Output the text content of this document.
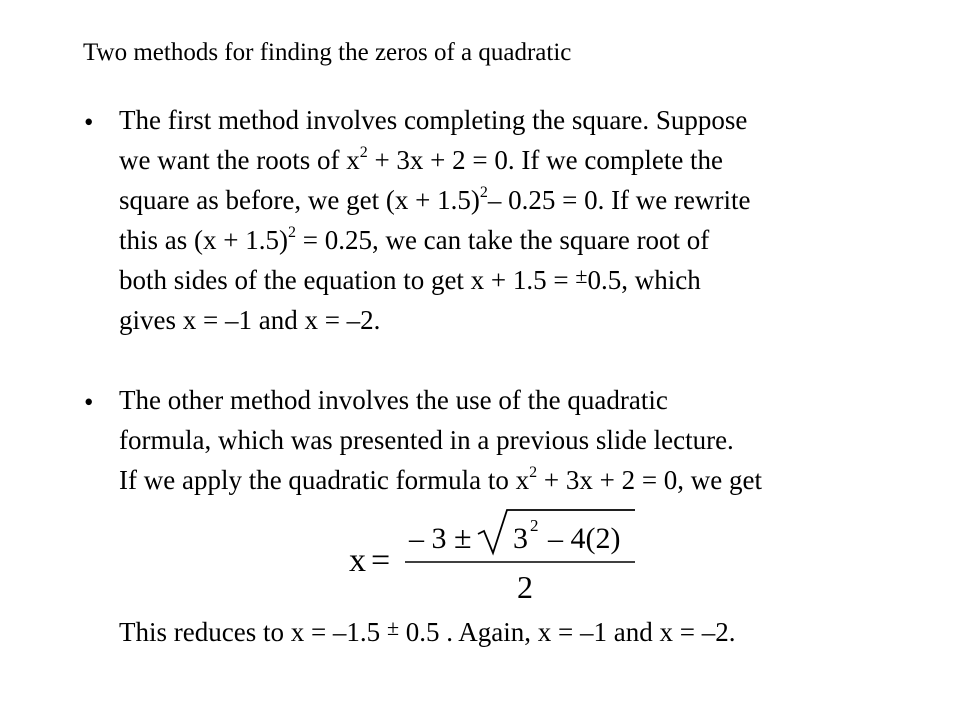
Two methods for finding the zeros of a quadratic
• The first method involves completing the square. Suppose
we want the roots of $x^2 + 3x + 2 = 0$. If we complete the
square as before, we get $(x + 1.5)^2-$ 0.25 = 0. If we rewrite
this as $(x + 1.5)^2 = 0.25$, we can take the square root of
both sides of the equation to get x + 1.5 = ±0.5, which
gives x = –1 and x = –2.
• The other method involves the use of the quadratic
formula, which was presented in a previous slide lecture.
If we apply the quadratic formula to $x^2 + 3x + 2 = 0$, we get
x =
– 3 ± 3 2 – 4(2)
2
This reduces to x = –1.5 ± 0.5 . Again, x = –1 and x = –2.
